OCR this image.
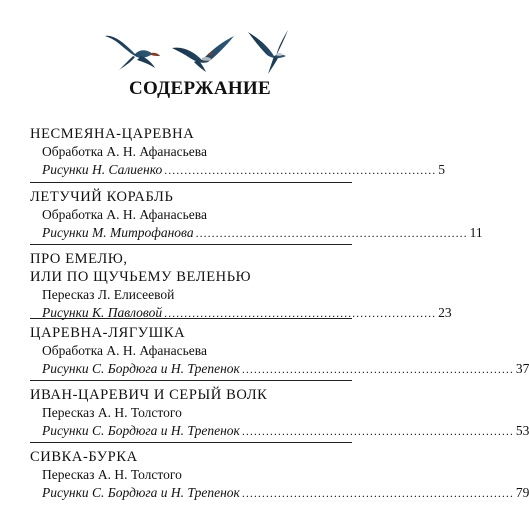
СОДЕРЖАНИЕ
НЕСМЕЯНА-ЦАРЕВНА
Обработка А. Н. Афанасьева
Рисунки Н. Салиенко .................................................................... 5
ЛЕТУЧИЙ КОРАБЛЬ
Обработка А. Н. Афанасьева
Рисунки М. Митрофанова .................................................................... 11
ПРО ЕМЕЛЮ,
ИЛИ ПО ЩУЧЬЕМУ ВЕЛЕНЬЮ
Пересказ Л. Елисеевой
Рисунки К. Павловой .................................................................... 23
ЦАРЕВНА-ЛЯГУШКА
Обработка А. Н. Афанасьева
Рисунки С. Бордюга и Н. Трепенок .................................................................... 37
ИВАН-ЦАРЕВИЧ И СЕРЫЙ ВОЛК
Пересказ А. Н. Толстого
Рисунки С. Бордюга и Н. Трепенок .................................................................... 53
СИВКА-БУРКА
Пересказ А. Н. Толстого
Рисунки С. Бордюга и Н. Трепенок .................................................................... 79
